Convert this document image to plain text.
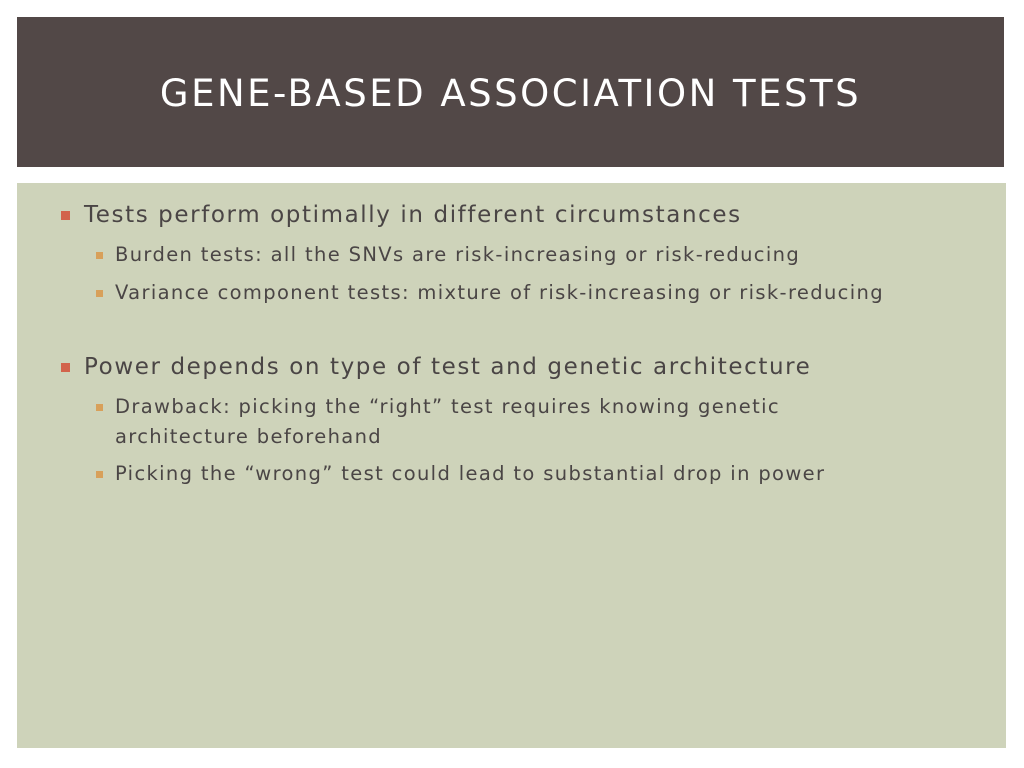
GENE-BASED ASSOCIATION TESTS
Tests perform optimally in different circumstances
Burden tests: all the SNVs are risk-increasing or risk-reducing
Variance component tests: mixture of risk-increasing or risk-reducing
Power depends on type of test and genetic architecture
Drawback: picking the “right” test requires knowing genetic architecture beforehand
Picking the “wrong” test could lead to substantial drop in power
